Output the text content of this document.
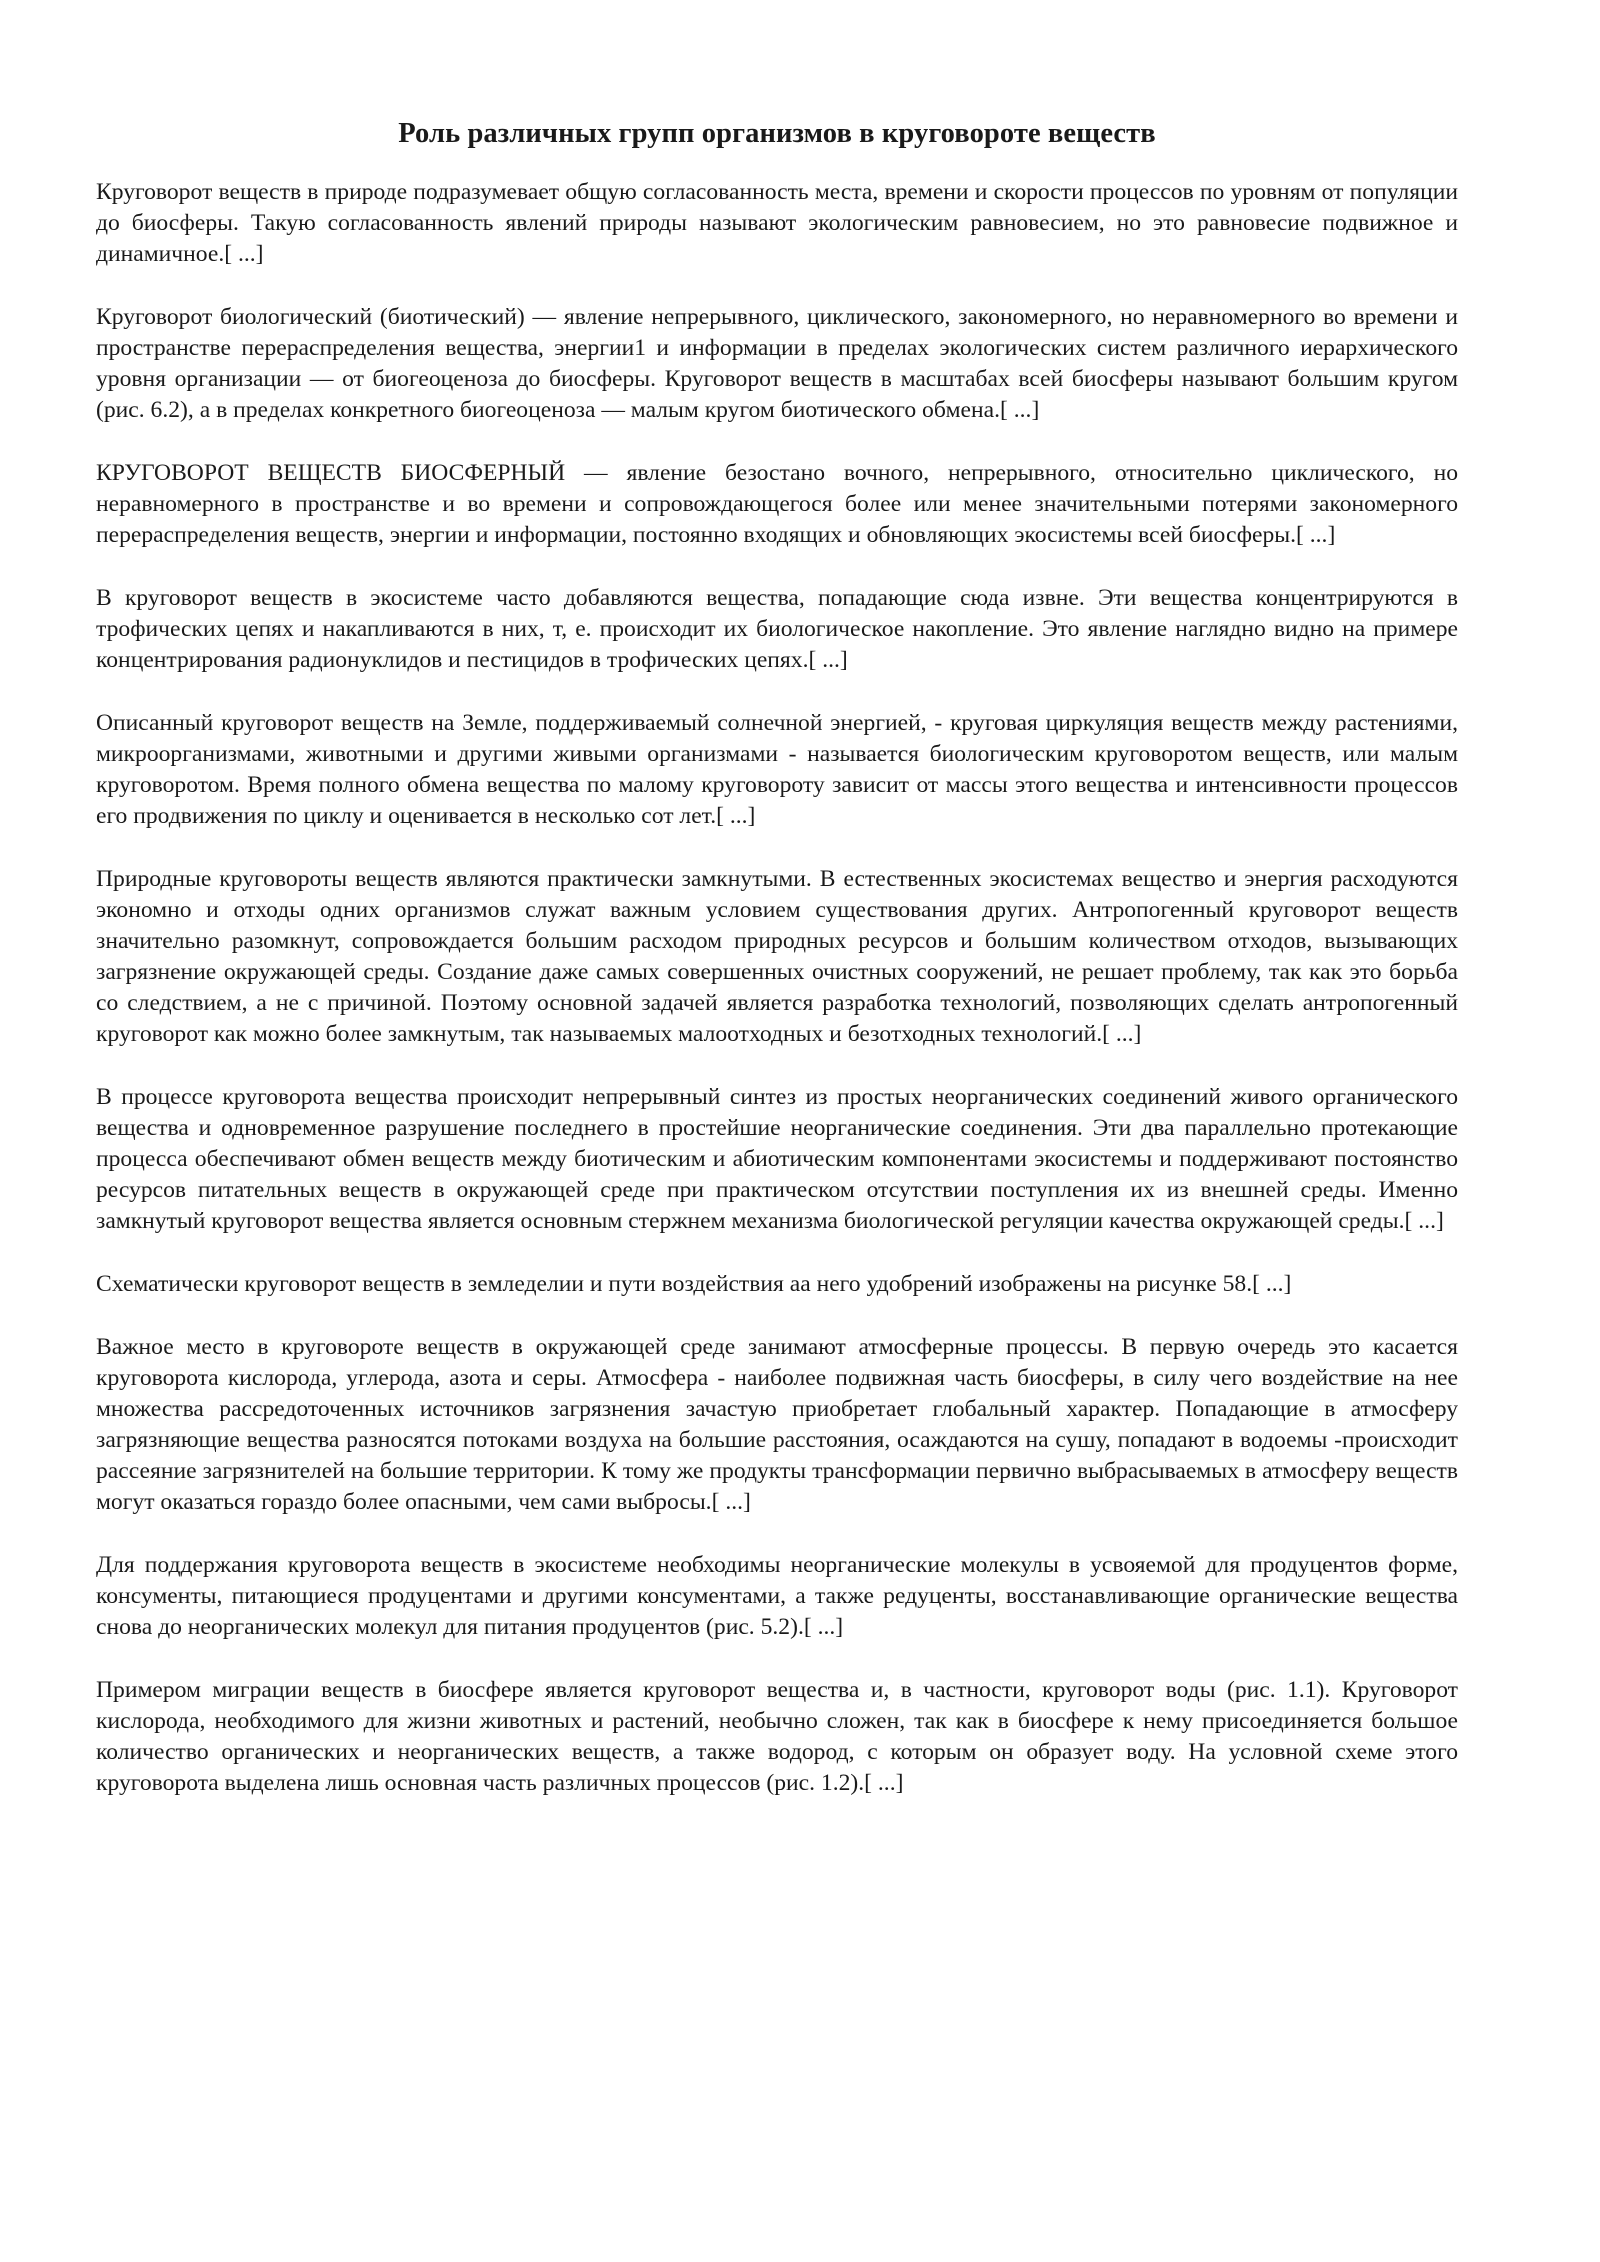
Роль различных групп организмов в круговороте веществ

Круговорот веществ в природе подразумевает общую согласованность места, времени и скорости процессов по уровням от популяции до биосферы. Такую согласованность явлений природы называют экологическим равновесием, но это равновесие подвижное и динамичное.[ ...]

Круговорот биологический (биотический) — явление непрерывного, циклического, закономерного, но неравномерного во времени и пространстве перераспределения вещества, энергии1 и информации в пределах экологических систем различного иерархического уровня организации — от биогеоценоза до биосферы. Круговорот веществ в масштабах всей биосферы называют большим кругом (рис. 6.2), а в пределах конкретного биогеоценоза — малым кругом биотического обмена.[ ...]

КРУГОВОРОТ ВЕЩЕСТВ БИОСФЕРНЫЙ — явление безостано вочного, непрерывного, относительно циклического, но неравномерного в пространстве и во времени и сопровождающегося более или менее значительными потерями закономерного перераспределения веществ, энергии и информации, постоянно входящих и обновляющих экосистемы всей биосферы.[ ...]

В круговорот веществ в экосистеме часто добавляются вещества, попадающие сюда извне. Эти вещества концентрируются в трофических цепях и накапливаются в них, т, е. происходит их биологическое накопление. Это явление наглядно видно на примере концентрирования радионуклидов и пестицидов в трофических цепях.[ ...]

Описанный круговорот веществ на Земле, поддерживаемый солнечной энергией, - круговая циркуляция веществ между растениями, микроорганизмами, животными и другими живыми организмами - называется биологическим круговоротом веществ, или малым круговоротом. Время полного обмена вещества по малому круговороту зависит от массы этого вещества и интенсивности процессов его продвижения по циклу и оценивается в несколько сот лет.[ ...]

Природные круговороты веществ являются практически замкнутыми. В естественных экосистемах вещество и энергия расходуются экономно и отходы одних организмов служат важным условием существования других. Антропогенный круговорот веществ значительно разомкнут, сопровождается большим расходом природных ресурсов и большим количеством отходов, вызывающих загрязнение окружающей среды. Создание даже самых совершенных очистных сооружений, не решает проблему, так как это борьба со следствием, а не с причиной. Поэтому основной задачей является разработка технологий, позволяющих сделать антропогенный круговорот как можно более замкнутым, так называемых малоотходных и безотходных технологий.[ ...]

В процессе круговорота вещества происходит непрерывный синтез из простых неорганических соединений живого органического вещества и одновременное разрушение последнего в простейшие неорганические соединения. Эти два параллельно протекающие процесса обеспечивают обмен веществ между биотическим и абиотическим компонентами экосистемы и поддерживают постоянство ресурсов питательных веществ в окружающей среде при практическом отсутствии поступления их из внешней среды. Именно замкнутый круговорот вещества является основным стержнем механизма биологической регуляции качества окружающей среды.[ ...]

Схематически круговорот веществ в земледелии и пути воздействия аа него удобрений изображены на рисунке 58.[ ...]

Важное место в круговороте веществ в окружающей среде занимают атмосферные процессы. В первую очередь это касается круговорота кислорода, углерода, азота и серы. Атмосфера - наиболее подвижная часть биосферы, в силу чего воздействие на нее множества рассредоточенных источников загрязнения зачастую приобретает глобальный характер. Попадающие в атмосферу загрязняющие вещества разносятся потоками воздуха на большие расстояния, осаждаются на сушу, попадают в водоемы -происходит рассеяние загрязнителей на большие территории. К тому же продукты трансформации первично выбрасываемых в атмосферу веществ могут оказаться гораздо более опасными, чем сами выбросы.[ ...]

Для поддержания круговорота веществ в экосистеме необходимы неорганические молекулы в усвояемой для продуцентов форме, консументы, питающиеся продуцентами и другими консументами, а также редуценты, восстанавливающие органические вещества снова до неорганических молекул для питания продуцентов (рис. 5.2).[ ...]

Примером миграции веществ в биосфере является круговорот вещества и, в частности, круговорот воды (рис. 1.1). Круговорот кислорода, необходимого для жизни животных и растений, необычно сложен, так как в биосфере к нему присоединяется большое количество органических и неорганических веществ, а также водород, с которым он образует воду. На условной схеме этого круговорота выделена лишь основная часть различных процессов (рис. 1.2).[ ...]
